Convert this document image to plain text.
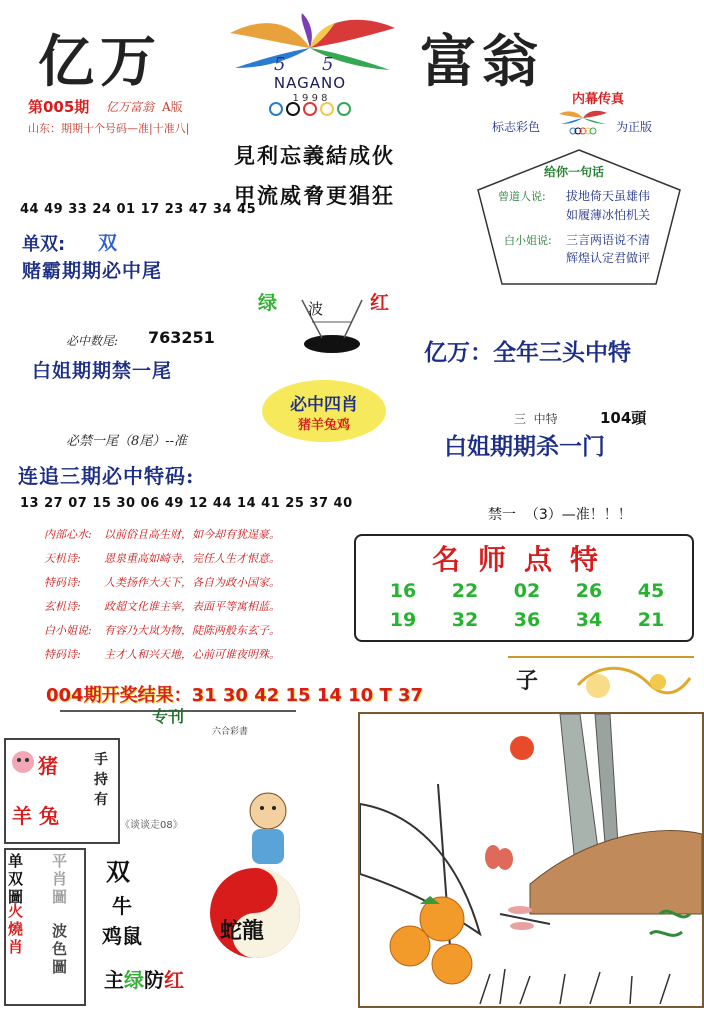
亿万	富翁
5 5
NAGANO
1 9 9 8
第005期 亿万富翁 A版
山东：期期十个号码—准|十准八|
内幕传真
标志彩色	为正版
見利忘義結成伙
甲流威脅更猖狂
给你一句话
曾道人说: 拔地倚天虽雄伟
如履薄冰怕机关
白小姐说: 三言两语说不清
辉煌认定君做评
44 49 33 24 01 17 23 47 34 45
单双: 双
赌霸期期必中尾
绿 波 红
必中数尾: 763251
白姐期期禁一尾
亿万：全年三头中特
必中四肖
猪羊兔鸡	三  中特	104頭
必禁一尾（8尾）--准	白姐期期杀一门
连追三期必中特码:
13 27 07 15 30 06 49 12 44 14 41 25 37 40
禁一  （3）—准！！！
内部心水: 以前俗且高生财，如今却有犹逞豪。
天机诗: 恩泉重高如崎寺，完任人生才恨意。
特码诗: 人类扬作大天下，各自为政小国家。
玄机诗: 政超文化谁主宰，表面平等寓相蓝。
白小姐说: 有容乃大岚为物，陡陈两般东玄子。
特码诗: 主才人和兴天地，心前可谁夜明殊。
名师点特
16	22	02	26	45
19	32	36	34	21
004期开奖结果：31 30 42 15 14 10 T 37
子
专刊
六合彩書
猪
羊 兔
手持有
《谈谈走08》
单双圖
火燒肖
平肖圖
波色圖
双
牛
鸡鼠
主绿防红
蛇龍
